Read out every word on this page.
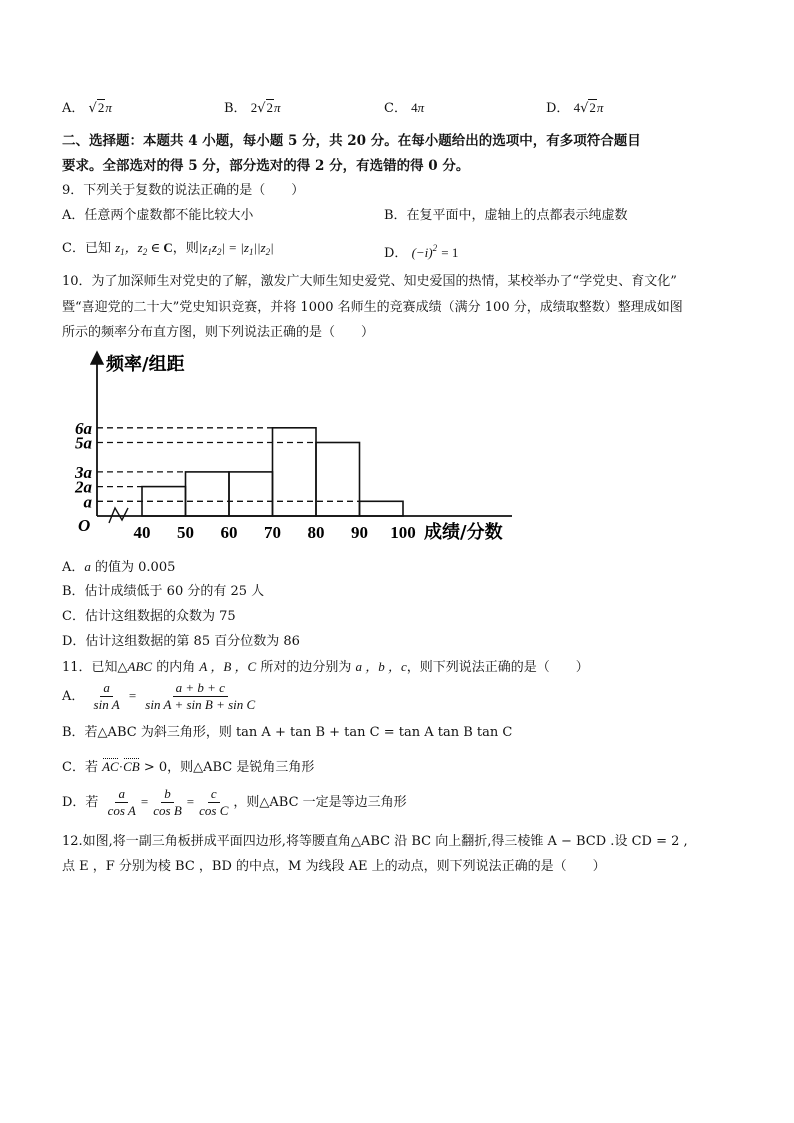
A． √2π	B． 2√2π	C． 4π	D． 4√2π
二、选择题：本题共 4 小题，每小题 5 分，共 20 分。在每小题给出的选项中，有多项符合题目
要求。全部选对的得 5 分，部分选对的得 2 分，有选错的得 0 分。
9．下列关于复数的说法正确的是（　　）
A．任意两个虚数都不能比较大小	B．在复平面中，虚轴上的点都表示纯虚数
C．已知 $z_1$，$z_2$ ∈ C，则$|z_1z_2| = |z_1||z_2|$	D． $(-i)^2 = 1$
10．为了加深师生对党史的了解，激发广大师生知史爱党、知史爱国的热情，某校举办了“学党史、育文化”
暨“喜迎党的二十大”党史知识竞赛，并将 1000 名师生的竞赛成绩（满分 100 分，成绩取整数）整理成如图
所示的频率分布直方图，则下列说法正确的是（　　）
频率/组距
成绩/分数
O
a
2a
3a
5a
6a
40 50 60 70 80 90 100
A．a 的值为 0.005
B．估计成绩低于 60 分的有 25 人
C．估计这组数据的众数为 75
D．估计这组数据的第 85 百分位数为 86
11．已知△ABC 的内角 A ，B ，C 所对的边分别为 a ，b ，c，则下列说法正确的是（　　）
A． $\frac{a}{\text{sin A}} = \frac{a + b + c}{\text{sin A + sin B + sin C}}$
B．若△ABC 为斜三角形，则 tan A + tan B + tan C = tan A tan B tan C
C．若 AC·CB > 0，则△ABC 是锐角三角形
D．若 $\frac{a}{\text{cos A}} = \frac{b}{\text{cos B}} = \frac{c}{\text{cos C}}$ ，则△ABC 一定是等边三角形
12.如图,将一副三角板拼成平面四边形,将等腰直角△ABC 沿 BC 向上翻折,得三棱锥 A − BCD .设 CD = 2 ,
点 E ，F 分别为棱 BC ，BD 的中点，M 为线段 AE 上的动点，则下列说法正确的是（　　）
